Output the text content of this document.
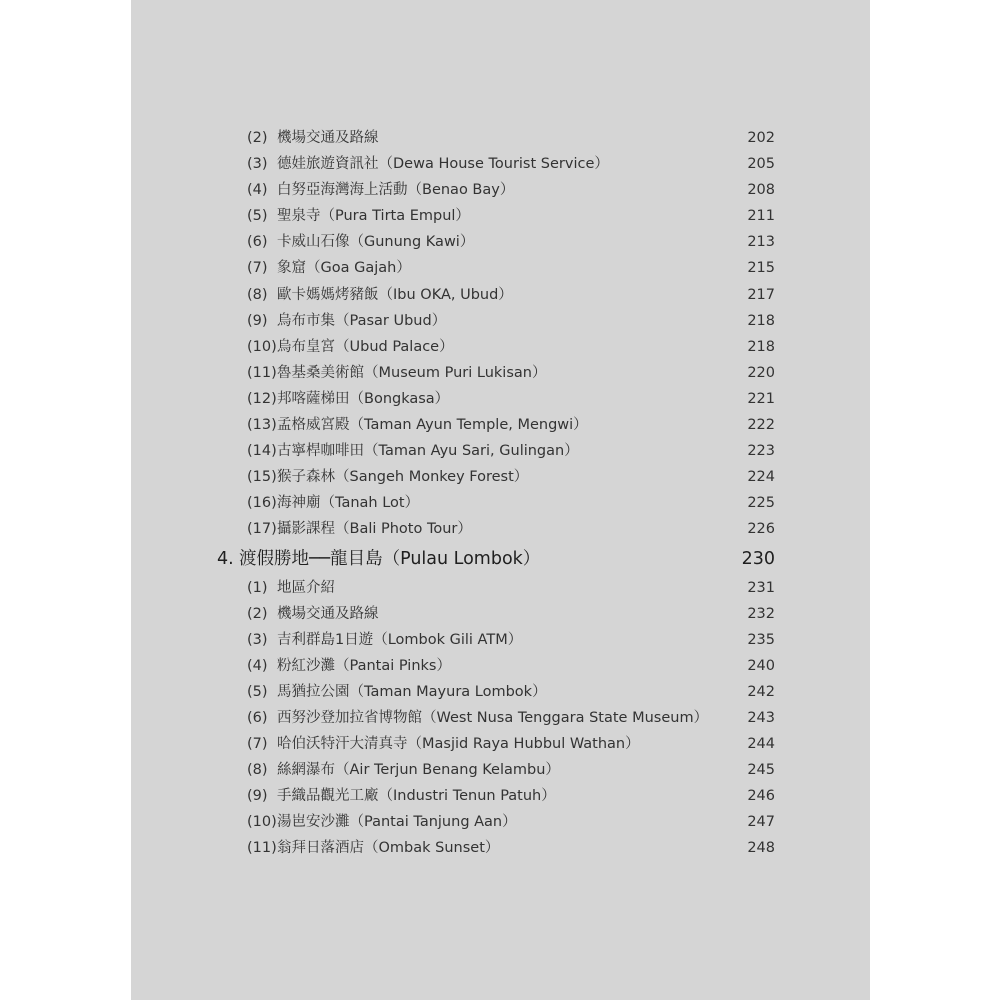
(2) 機場交通及路線	202
(3) 德娃旅遊資訊社（Dewa House Tourist Service）	205
(4) 白努亞海灣海上活動（Benao Bay）	208
(5) 聖泉寺（Pura Tirta Empul）	211
(6) 卡威山石像（Gunung Kawi）	213
(7) 象窟（Goa Gajah）	215
(8) 歐卡媽媽烤豬飯（Ibu OKA, Ubud）	217
(9) 烏布市集（Pasar Ubud）	218
(10) 烏布皇宮（Ubud Palace）	218
(11) 魯基桑美術館（Museum Puri Lukisan）	220
(12) 邦喀薩梯田（Bongkasa）	221
(13) 孟格威宮殿（Taman Ayun Temple, Mengwi）	222
(14) 古寧桿咖啡田（Taman Ayu Sari, Gulingan）	223
(15) 猴子森林（Sangeh Monkey Forest）	224
(16) 海神廟（Tanah Lot）	225
(17) 攝影課程（Bali Photo Tour）	226
4. 渡假勝地──龍目島（Pulau Lombok）	230
(1) 地區介紹	231
(2) 機場交通及路線	232
(3) 吉利群島1日遊（Lombok Gili ATM）	235
(4) 粉紅沙灘（Pantai Pinks）	240
(5) 馬猶拉公園（Taman Mayura Lombok）	242
(6) 西努沙登加拉省博物館（West Nusa Tenggara State Museum）	243
(7) 哈伯沃特汗大清真寺（Masjid Raya Hubbul Wathan）	244
(8) 絲網瀑布（Air Terjun Benang Kelambu）	245
(9) 手織品觀光工廠（Industri Tenun Patuh）	246
(10) 湯岜安沙灘（Pantai Tanjung Aan）	247
(11) 翁拜日落酒店（Ombak Sunset）	248
